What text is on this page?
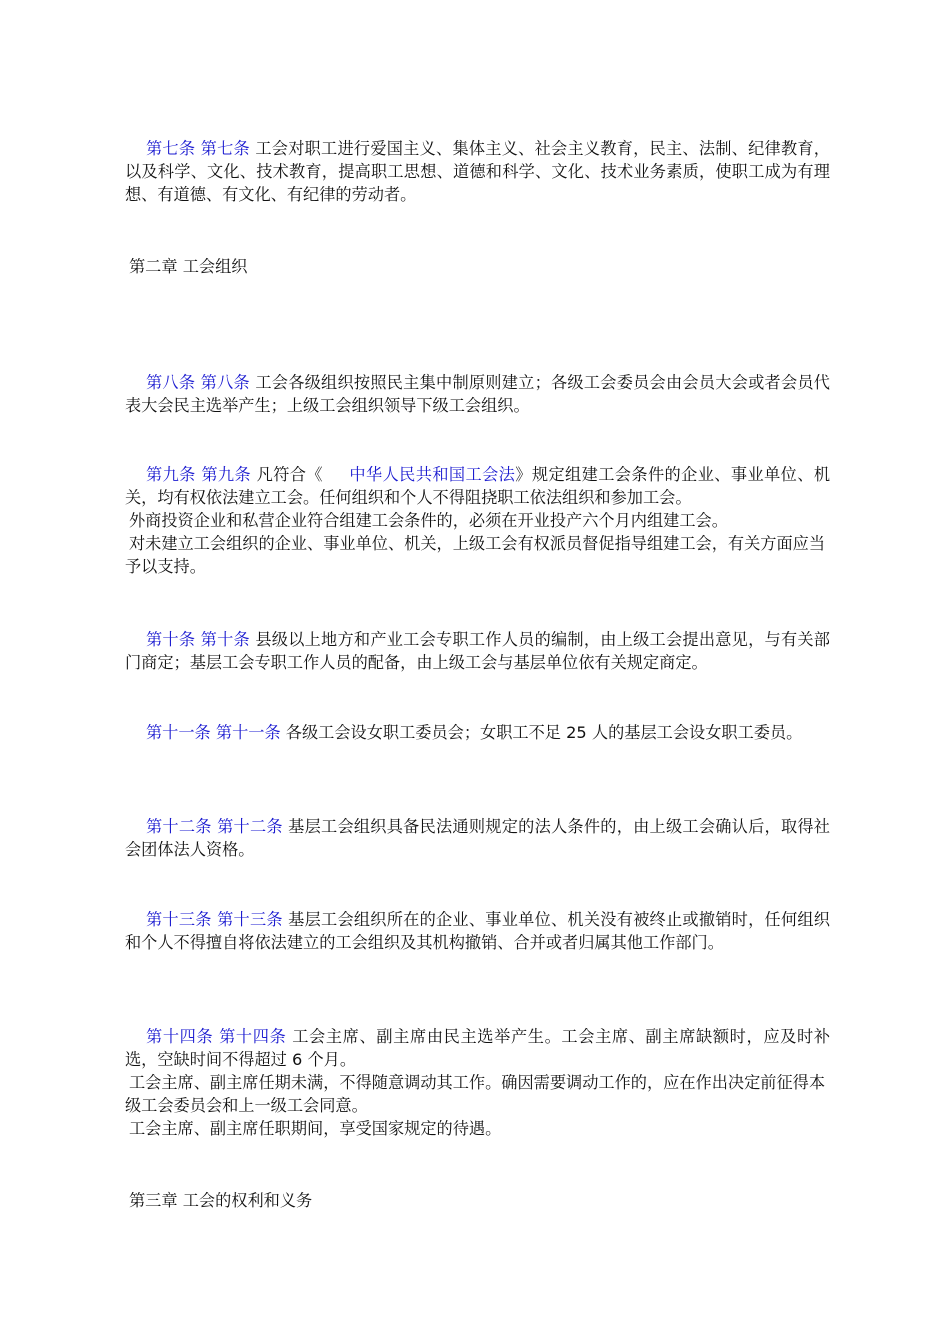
第七条 第七条 工会对职工进行爱国主义、集体主义、社会主义教育，民主、法制、纪律教育，以及科学、文化、技术教育，提高职工思想、道德和科学、文化、技术业务素质，使职工成为有理想、有道德、有文化、有纪律的劳动者。

第二章 工会组织

第八条 第八条 工会各级组织按照民主集中制原则建立；各级工会委员会由会员大会或者会员代表大会民主选举产生；上级工会组织领导下级工会组织。

第九条 第九条 凡符合《 中华人民共和国工会法》规定组建工会条件的企业、事业单位、机关，均有权依法建立工会。任何组织和个人不得阻挠职工依法组织和参加工会。

外商投资企业和私营企业符合组建工会条件的，必须在开业投产六个月内组建工会。

对未建立工会组织的企业、事业单位、机关，上级工会有权派员督促指导组建工会，有关方面应当予以支持。

第十条 第十条 县级以上地方和产业工会专职工作人员的编制，由上级工会提出意见，与有关部门商定；基层工会专职工作人员的配备，由上级工会与基层单位依有关规定商定。

第十一条 第十一条 各级工会设女职工委员会；女职工不足 25 人的基层工会设女职工委员。

第十二条 第十二条 基层工会组织具备民法通则规定的法人条件的，由上级工会确认后，取得社会团体法人资格。

第十三条 第十三条 基层工会组织所在的企业、事业单位、机关没有被终止或撤销时，任何组织和个人不得擅自将依法建立的工会组织及其机构撤销、合并或者归属其他工作部门。

第十四条 第十四条 工会主席、副主席由民主选举产生。工会主席、副主席缺额时，应及时补选，空缺时间不得超过 6 个月。

工会主席、副主席任期未满，不得随意调动其工作。确因需要调动工作的，应在作出决定前征得本级工会委员会和上一级工会同意。

工会主席、副主席任职期间，享受国家规定的待遇。

第三章 工会的权利和义务
